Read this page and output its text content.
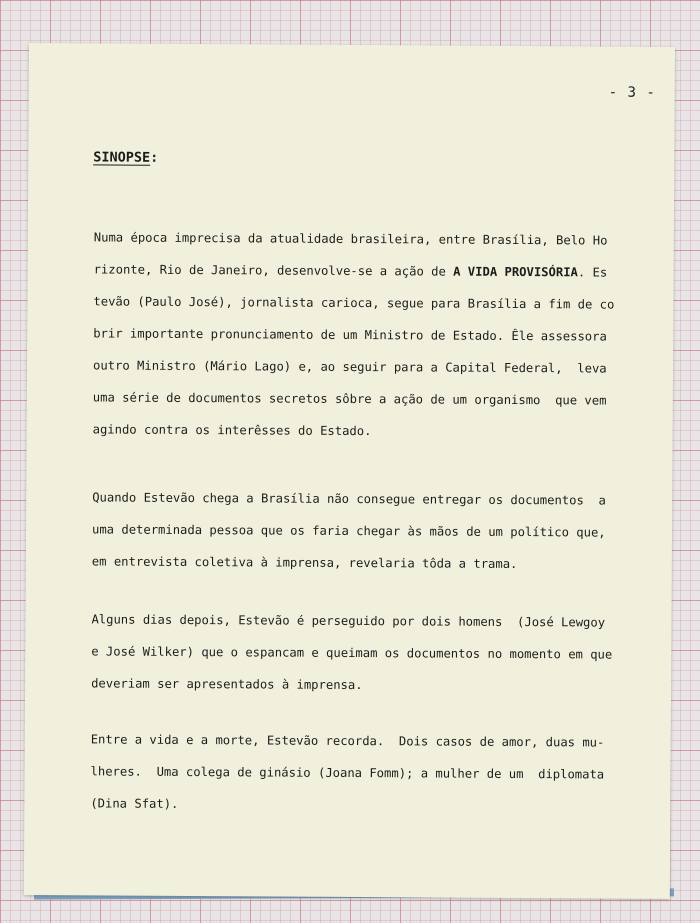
- 3 -
SINOPSE:
Numa época imprecisa da atualidade brasileira, entre Brasília, Belo Ho
rizonte, Rio de Janeiro, desenvolve-se a ação de A VIDA PROVISÓRIA. Es
tevão (Paulo José), jornalista carioca, segue para Brasília a fim de co
brir importante pronunciamento de um Ministro de Estado. Êle assessora
outro Ministro (Mário Lago) e, ao seguir para a Capital Federal,  leva
uma série de documentos secretos sôbre a ação de um organismo  que vem
agindo contra os interêsses do Estado.
Quando Estevão chega a Brasília não consegue entregar os documentos  a
uma determinada pessoa que os faria chegar às mãos de um político que,
em entrevista coletiva à imprensa, revelaria tôda a trama.
Alguns dias depois, Estevão é perseguido por dois homens  (José Lewgoy
e José Wilker) que o espancam e queimam os documentos no momento em que
deveriam ser apresentados à imprensa.
Entre a vida e a morte, Estevão recorda.  Dois casos de amor, duas mu-
lheres.  Uma colega de ginásio (Joana Fomm); a mulher de um  diplomata
(Dina Sfat).
